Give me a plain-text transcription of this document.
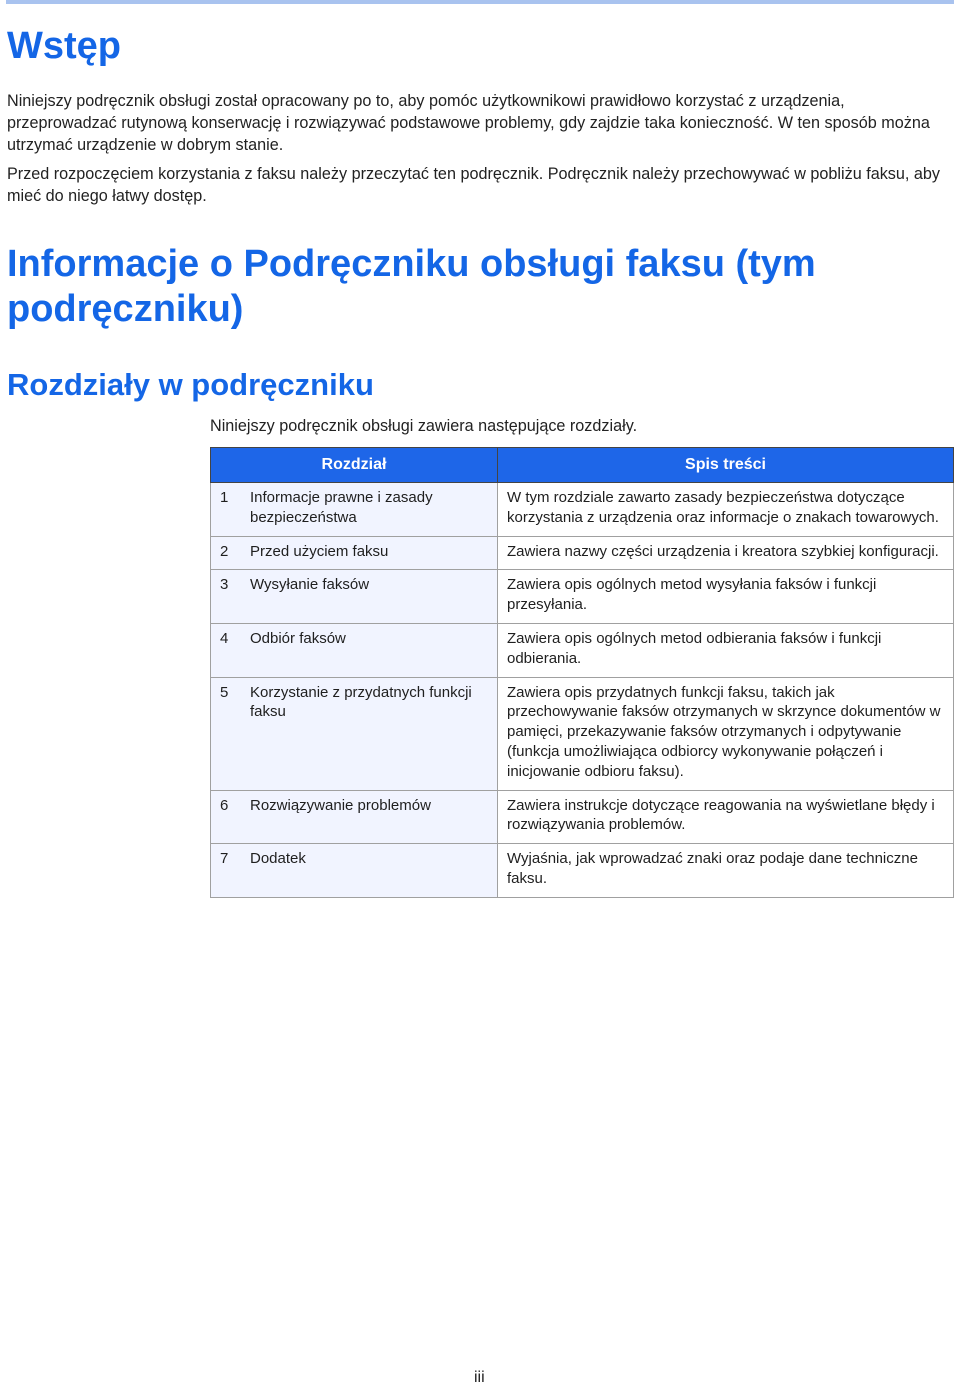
Wstęp

Niniejszy podręcznik obsługi został opracowany po to, aby pomóc użytkownikowi prawidłowo korzystać z urządzenia, przeprowadzać rutynową konserwację i rozwiązywać podstawowe problemy, gdy zajdzie taka konieczność. W ten sposób można utrzymać urządzenie w dobrym stanie.

Przed rozpoczęciem korzystania z faksu należy przeczytać ten podręcznik. Podręcznik należy przechowywać w pobliżu faksu, aby mieć do niego łatwy dostęp.

Informacje o Podręczniku obsługi faksu (tym podręczniku)
Rozdziały w podręczniku

Niniejszy podręcznik obsługi zawiera następujące rozdziały.

Rozdział		Spis treści
1	Informacje prawne i zasady bezpieczeństwa	W tym rozdziale zawarto zasady bezpieczeństwa dotyczące korzystania z urządzenia oraz informacje o znakach towarowych.
2	Przed użyciem faksu	Zawiera nazwy części urządzenia i kreatora szybkiej konfiguracji.
3	Wysyłanie faksów	Zawiera opis ogólnych metod wysyłania faksów i funkcji przesyłania.
4	Odbiór faksów	Zawiera opis ogólnych metod odbierania faksów i funkcji odbierania.
5	Korzystanie z przydatnych funkcji faksu	Zawiera opis przydatnych funkcji faksu, takich jak przechowywanie faksów otrzymanych w skrzynce dokumentów w pamięci, przekazywanie faksów otrzymanych i odpytywanie (funkcja umożliwiająca odbiorcy wykonywanie połączeń i inicjowanie odbioru faksu).
6	Rozwiązywanie problemów	Zawiera instrukcje dotyczące reagowania na wyświetlane błędy i rozwiązywania problemów.
7	Dodatek	Wyjaśnia, jak wprowadzać znaki oraz podaje dane techniczne faksu.
iii
